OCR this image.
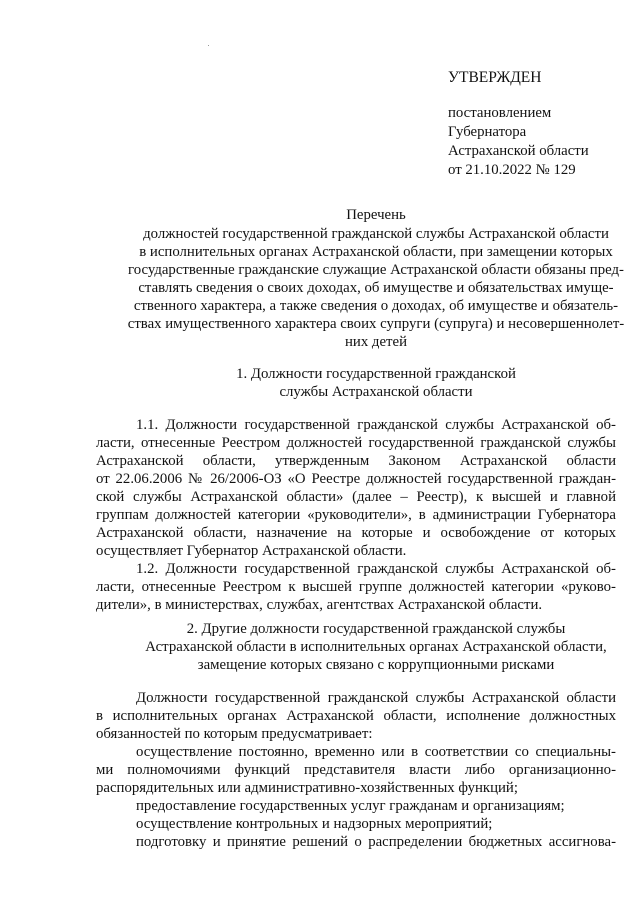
УТВЕРЖДЕН
постановлением
Губернатора
Астраханской области
от 21.10.2022 № 129
Перечень
должностей государственной гражданской службы Астраханской области
в исполнительных органах Астраханской области, при замещении которых
государственные гражданские служащие Астраханской области обязаны пред-
ставлять сведения о своих доходах, об имуществе и обязательствах имуще-
ственного характера, а также сведения о доходах, об имуществе и обязатель-
ствах имущественного характера своих супруги (супруга) и несовершеннолет-
них детей
1. Должности государственной гражданской
службы Астраханской области
1.1. Должности государственной гражданской службы Астраханской об-
ласти, отнесенные Реестром должностей государственной гражданской службы
Астраханской области, утвержденным Законом Астраханской области
от 22.06.2006 № 26/2006-ОЗ «О Реестре должностей государственной граждан-
ской службы Астраханской области» (далее – Реестр), к высшей и главной
группам должностей категории «руководители», в администрации Губернатора
Астраханской области, назначение на которые и освобождение от которых
осуществляет Губернатор Астраханской области.
1.2. Должности государственной гражданской службы Астраханской об-
ласти, отнесенные Реестром к высшей группе должностей категории «руково-
дители», в министерствах, службах, агентствах Астраханской области.
2. Другие должности государственной гражданской службы
Астраханской области в исполнительных органах Астраханской области,
замещение которых связано с коррупционными рисками
Должности государственной гражданской службы Астраханской области
в исполнительных органах Астраханской области, исполнение должностных
обязанностей по которым предусматривает:
осуществление постоянно, временно или в соответствии со специальны-
ми полномочиями функций представителя власти либо организационно-
распорядительных или административно-хозяйственных функций;
предоставление государственных услуг гражданам и организациям;
осуществление контрольных и надзорных мероприятий;
подготовку и принятие решений о распределении бюджетных ассигнова-
